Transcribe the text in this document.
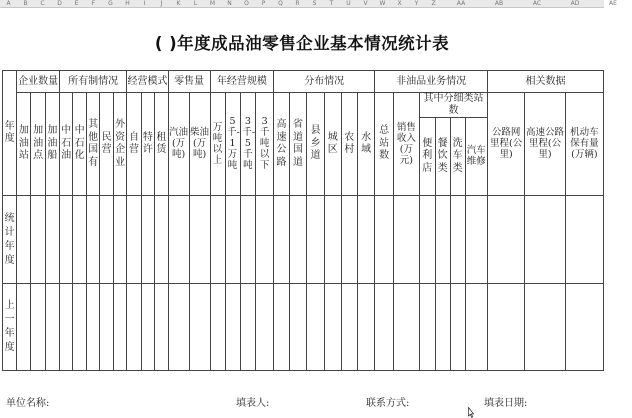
A B C D E F G H I	J K L M N O P Q R S T U V W X Y Z	AA	AB	AC	AD	AE
( )年度成品油零售企业基本情况统计表
年度	企业数量			所有制情况					经营模式			零售量		年经营规模				分布情况						非油品业务情况						相关数据		
	加油站	加油点	加油船	中石油	中石化	其他国有	民营	外资企业	自营	特许	租赁	汽油(万吨)	柴油(万吨)	万吨以上	5千-1万吨	3千-5千吨	3千吨以下	高速公路	省道国道	县乡道	城区	农村	水域	总站数	销售收入(万元)	其中分细类站数				公路网里程(公里)	高速公路里程(公里)	机动车保有量(万辆)
																										便利店	餐饮类	洗车类	汽车维修			
统计年度																																
上一年度																																
单位名称:	填表人:	联系方式:	填表日期:
